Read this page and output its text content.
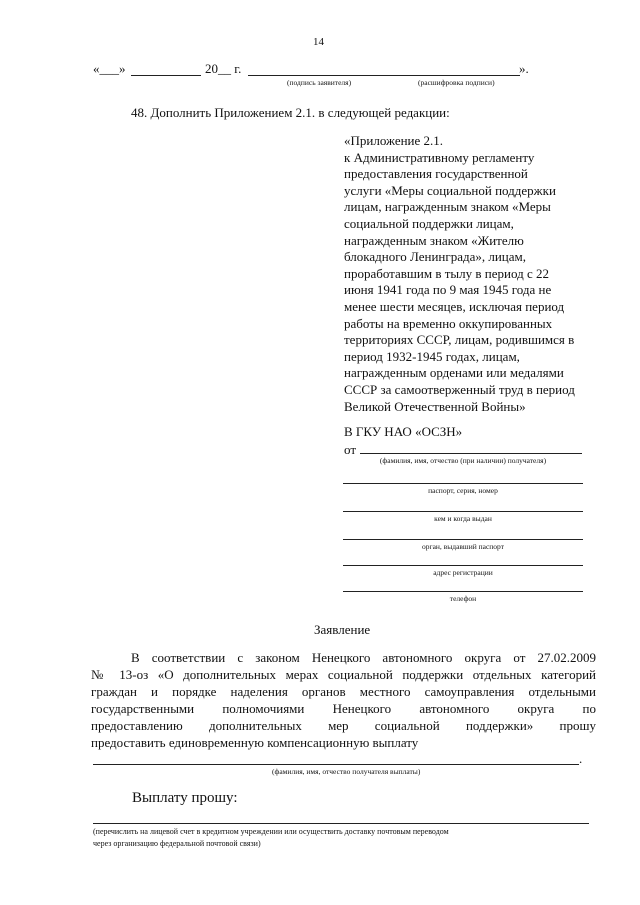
14
«___»	20__ г.	».
(подпись заявителя)	(расшифровка подписи)
48. Дополнить Приложением 2.1. в следующей редакции:
«Приложение 2.1.
к Административному регламенту
предоставления государственной
услуги «Меры социальной поддержки
лицам, награжденным знаком «Меры
социальной поддержки лицам,
награжденным знаком «Жителю
блокадного Ленинграда», лицам,
проработавшим в тылу в период с 22
июня 1941 года по 9 мая 1945 года не
менее шести месяцев, исключая период
работы на временно оккупированных
территориях СССР, лицам, родившимся в
период 1932-1945 годах, лицам,
награжденным орденами или медалями
СССР за самоотверженный труд в период
Великой Отечественной Войны»
В ГКУ НАО «ОСЗН»
от
(фамилия, имя, отчество (при наличии) получателя)
паспорт, серия, номер
кем и когда выдан
орган, выдавший паспорт
адрес регистрации
телефон
Заявление
В соответствии с законом Ненецкого автономного округа от 27.02.2009
№ 13-оз «О дополнительных мерах социальной поддержки отдельных категорий
граждан и порядке наделения органов местного самоуправления отдельными
государственными полномочиями Ненецкого автономного округа по
предоставлению дополнительных мер социальной поддержки» прошу
предоставить единовременную компенсационную выплату
.
(фамилия, имя, отчество получателя выплаты)
Выплату прошу:
(перечислить на лицевой счет в кредитном учреждении или осуществить доставку почтовым переводом
через организацию федеральной почтовой связи)
